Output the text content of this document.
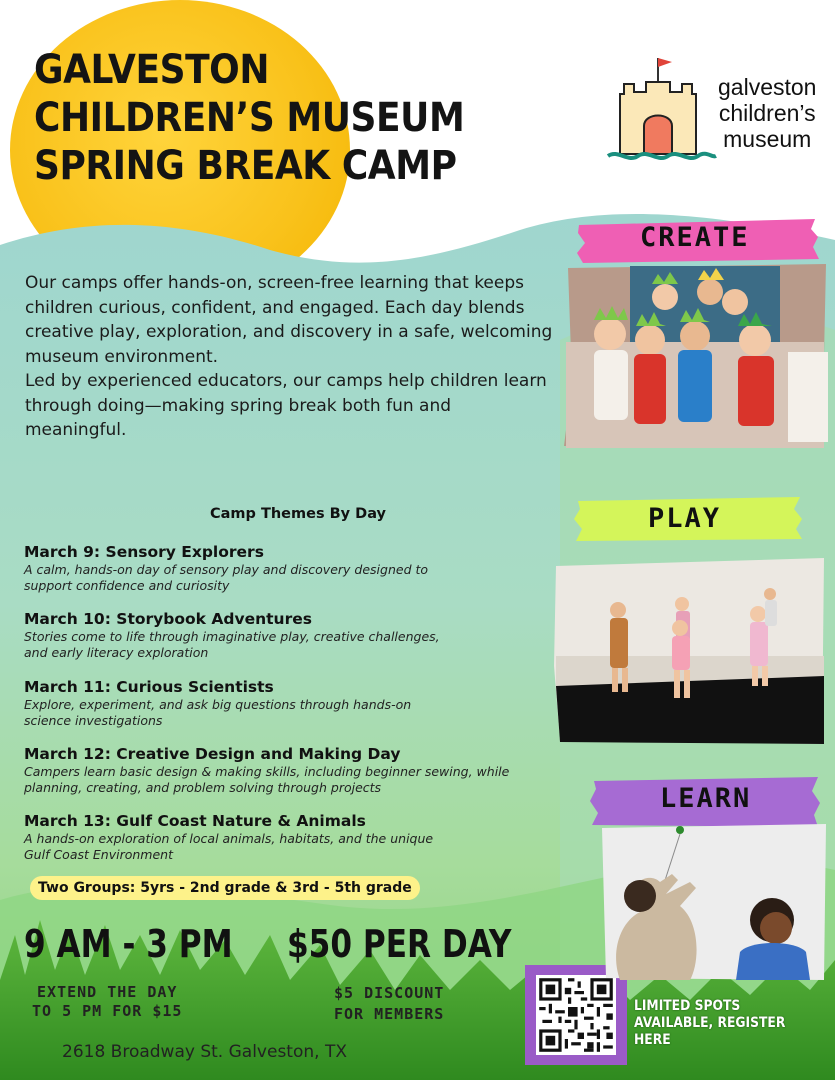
GALVESTON
CHILDREN’S MUSEUM
SPRING BREAK CAMP
galveston
children’s
museum

Our camps offer hands-on, screen-free learning that keeps children curious, confident, and engaged. Each day blends creative play, exploration, and discovery in a safe, welcoming museum environment.

Led by experienced educators, our camps help children learn through doing—making spring break both fun and meaningful.

Camp Themes By Day
March 9: Sensory Explorers

A calm, hands-on day of sensory play and discovery designed to support confidence and curiosity

March 10: Storybook Adventures

Stories come to life through imaginative play, creative challenges, and early literacy exploration

March 11: Curious Scientists

Explore, experiment, and ask big questions through hands-on science investigations

March 12: Creative Design and Making Day

Campers learn basic design & making skills, including beginner sewing, while planning, creating, and problem solving through projects

March 13: Gulf Coast Nature & Animals

A hands-on exploration of local animals, habitats, and the unique Gulf Coast Environment

Two Groups: 5yrs - 2nd grade & 3rd - 5th grade
9 AM - 3 PM $50 PER DAY
EXTEND THE DAY
TO 5 PM FOR $15
$5 DISCOUNT
FOR MEMBERS
2618 Broadway St. Galveston, TX
LIMITED SPOTS
AVAILABLE, REGISTER
HERE
CREATE
PLAY
LEARN
